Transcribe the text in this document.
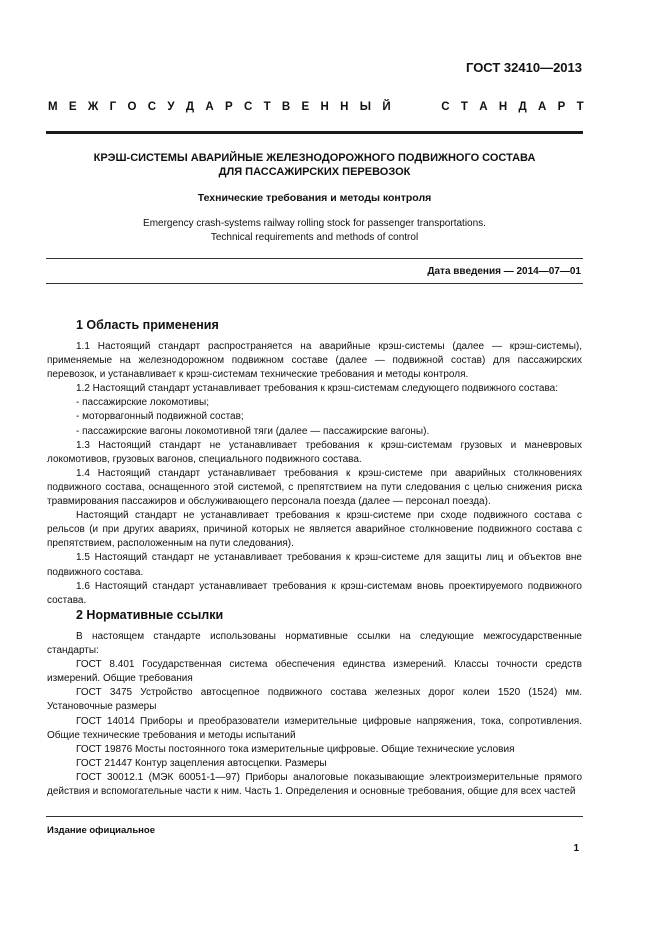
ГОСТ 32410—2013
М Е Ж Г О С У Д А Р С Т В Е Н Н Ы Й	С Т А Н Д А Р Т
КРЭШ-СИСТЕМЫ АВАРИЙНЫЕ ЖЕЛЕЗНОДОРОЖНОГО ПОДВИЖНОГО СОСТАВА
ДЛЯ ПАССАЖИРСКИХ ПЕРЕВОЗОК
Технические требования и методы контроля
Emergency crash-systems railway rolling stock for passenger transportations.
Technical requirements and methods of control
Дата введения — 2014—07—01
1 Область применения

1.1 Настоящий стандарт распространяется на аварийные крэш-системы (далее — крэш-системы), применяемые на железнодорожном подвижном составе (далее — подвижной состав) для пассажирских перевозок, и устанавливает к крэш-системам технические требования и методы контроля.

1.2 Настоящий стандарт устанавливает требования к крэш-системам следующего подвижного состава:

- пассажирские локомотивы;

- моторвагонный подвижной состав;

- пассажирские вагоны локомотивной тяги (далее — пассажирские вагоны).

1.3 Настоящий стандарт не устанавливает требования к крэш-системам грузовых и маневровых локомотивов, грузовых вагонов, специального подвижного состава.

1.4 Настоящий стандарт устанавливает требования к крэш-системе при аварийных столкновениях подвижного состава, оснащенного этой системой, с препятствием на пути следования с целью снижения риска травмирования пассажиров и обслуживающего персонала поезда (далее — персонал поезда).

Настоящий стандарт не устанавливает требования к крэш-системе при сходе подвижного состава с рельсов (и при других авариях, причиной которых не является аварийное столкновение подвижного состава с препятствием, расположенным на пути следования).

1.5 Настоящий стандарт не устанавливает требования к крэш-системе для защиты лиц и объектов вне подвижного состава.

1.6 Настоящий стандарт устанавливает требования к крэш-системам вновь проектируемого подвижного состава.

2 Нормативные ссылки

В настоящем стандарте использованы нормативные ссылки на следующие межгосударственные стандарты:

ГОСТ 8.401 Государственная система обеспечения единства измерений. Классы точности средств измерений. Общие требования

ГОСТ 3475 Устройство автосцепное подвижного состава железных дорог колеи 1520 (1524) мм. Установочные размеры

ГОСТ 14014 Приборы и преобразователи измерительные цифровые напряжения, тока, сопротивления. Общие технические требования и методы испытаний

ГОСТ 19876 Мосты постоянного тока измерительные цифровые. Общие технические условия

ГОСТ 21447 Контур зацепления автосцепки. Размеры

ГОСТ 30012.1 (МЭК 60051-1—97) Приборы аналоговые показывающие электроизмерительные прямого действия и вспомогательные части к ним. Часть 1. Определения и основные требования, общие для всех частей

Издание официальное
1
